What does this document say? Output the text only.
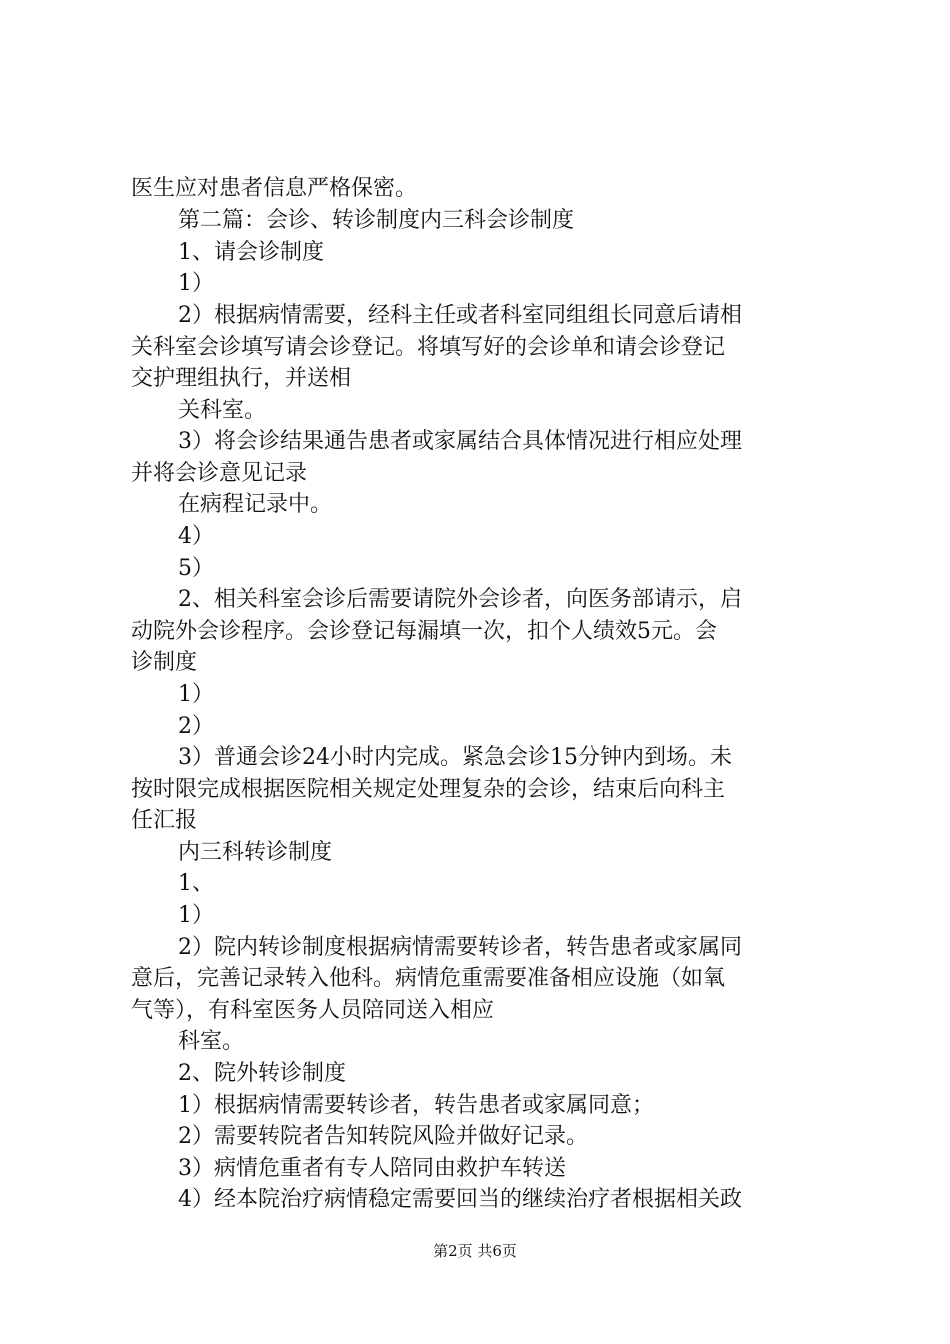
医生应对患者信息严格保密。
第二篇：会诊、转诊制度内三科会诊制度
1、请会诊制度
1）
2）根据病情需要，经科主任或者科室同组组长同意后请相
关科室会诊填写请会诊登记。将填写好的会诊单和请会诊登记
交护理组执行，并送相
关科室。
3）将会诊结果通告患者或家属结合具体情况进行相应处理
并将会诊意见记录
在病程记录中。
4）
5）
2、相关科室会诊后需要请院外会诊者，向医务部请示，启
动院外会诊程序。会诊登记每漏填一次，扣个人绩效5元。会
诊制度
1）
2）
3）普通会诊24小时内完成。紧急会诊15分钟内到场。未
按时限完成根据医院相关规定处理复杂的会诊，结束后向科主
任汇报
内三科转诊制度
1、
1）
2）院内转诊制度根据病情需要转诊者，转告患者或家属同
意后，完善记录转入他科。病情危重需要准备相应设施（如氧
气等），有科室医务人员陪同送入相应
科室。
2、院外转诊制度
1）根据病情需要转诊者，转告患者或家属同意；
2）需要转院者告知转院风险并做好记录。
3）病情危重者有专人陪同由救护车转送
4）经本院治疗病情稳定需要回当的继续治疗者根据相关政
第2页 共6页
